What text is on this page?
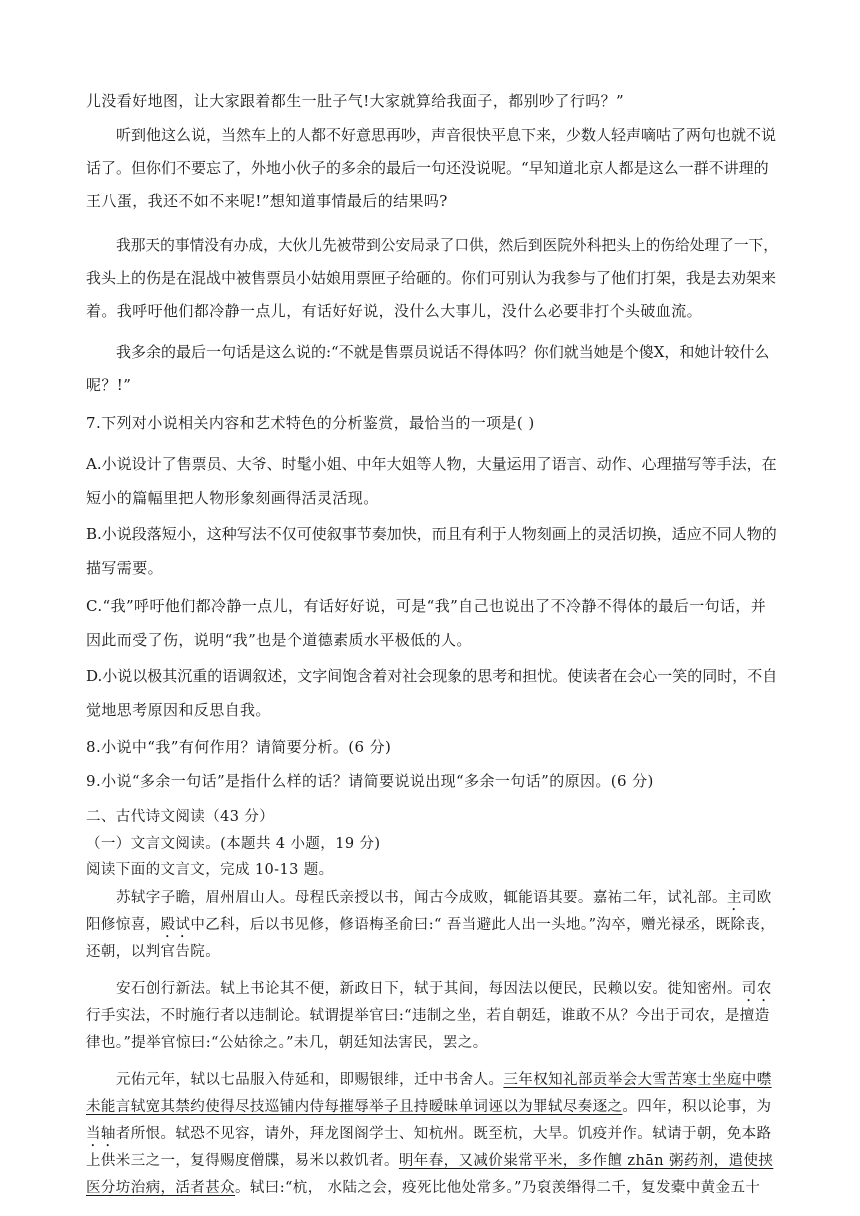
儿没看好地图，让大家跟着都生一肚子气!大家就算给我面子，都别吵了行吗？”
听到他这么说，当然车上的人都不好意思再吵，声音很快平息下来，少数人轻声嘀咕了两句也就不说
话了。但你们不要忘了，外地小伙子的多余的最后一句还没说呢。“早知道北京人都是这么一群不讲理的
王八蛋，我还不如不来呢!”想知道事情最后的结果吗?
我那天的事情没有办成，大伙儿先被带到公安局录了口供，然后到医院外科把头上的伤给处理了一下，
我头上的伤是在混战中被售票员小姑娘用票匣子给砸的。你们可别认为我参与了他们打架，我是去劝架来
着。我呼吁他们都冷静一点儿，有话好好说，没什么大事儿，没什么必要非打个头破血流。
我多余的最后一句话是这么说的:“不就是售票员说话不得体吗？你们就当她是个傻X，和她计较什么
呢？!”
7.下列对小说相关内容和艺术特色的分析鉴赏，最恰当的一项是( )
A.小说设计了售票员、大爷、时髦小姐、中年大姐等人物，大量运用了语言、动作、心理描写等手法，在
短小的篇幅里把人物形象刻画得活灵活现。
B.小说段落短小，这种写法不仅可使叙事节奏加快，而且有利于人物刻画上的灵活切换，适应不同人物的
描写需要。
C.“我”呼吁他们都冷静一点儿，有话好好说，可是“我”自己也说出了不冷静不得体的最后一句话，并
因此而受了伤，说明“我”也是个道德素质水平极低的人。
D.小说以极其沉重的语调叙述，文字间饱含着对社会现象的思考和担忧。使读者在会心一笑的同时，不自
觉地思考原因和反思自我。
8.小说中“我”有何作用？请简要分析。(6 分)
9.小说“多余一句话”是指什么样的话？请简要说说出现“多余一句话”的原因。(6 分)
二、古代诗文阅读（43 分）
（一）文言文阅读。(本题共 4 小题，19 分)
阅读下面的文言文，完成 10-13 题。
苏轼字子瞻，眉州眉山人。母程氏亲授以书，闻古今成败，辄能语其要。嘉祐二年，试礼部。主司欧
阳修惊喜，殿试中乙科，后以书见修，修语梅圣俞曰:“ 吾当避此人出一头地。”沟卒，赠光禄丞，既除丧，
还朝，以判官告院。
安石创行新法。轼上书论其不便，新政日下，轼于其间，每因法以便民，民赖以安。徙知密州。司农
行手实法，不时施行者以违制论。轼谓提举官曰:“违制之坐，若自朝廷，谁敢不从？今出于司农，是擅造
律也。”提举官惊曰:“公姑徐之。”未几，朝廷知法害民，罢之。
元佑元年，轼以七品服入侍延和，即赐银绯，迁中书舍人。三年权知礼部贡举会大雪苦寒士坐庭中噤
未能言轼宽其禁约使得尽技巡铺内侍每摧辱举子且持暧昧单词诬以为罪轼尽奏逐之。四年，积以论事，为
当轴者所恨。轼恐不见容，请外，拜龙图阁学士、知杭州。既至杭，大旱。饥疫并作。轼请于朝，免本路
上供米三之一，复得赐度僧牒，易米以救饥者。明年春，又减价粜常平米，多作饘 zhān 粥药剂，遣使挟
医分坊治病，活者甚众。轼曰:“杭， 水陆之会，疫死比他处常多。”乃裒羡缗得二千，复发橐中黄金五十
